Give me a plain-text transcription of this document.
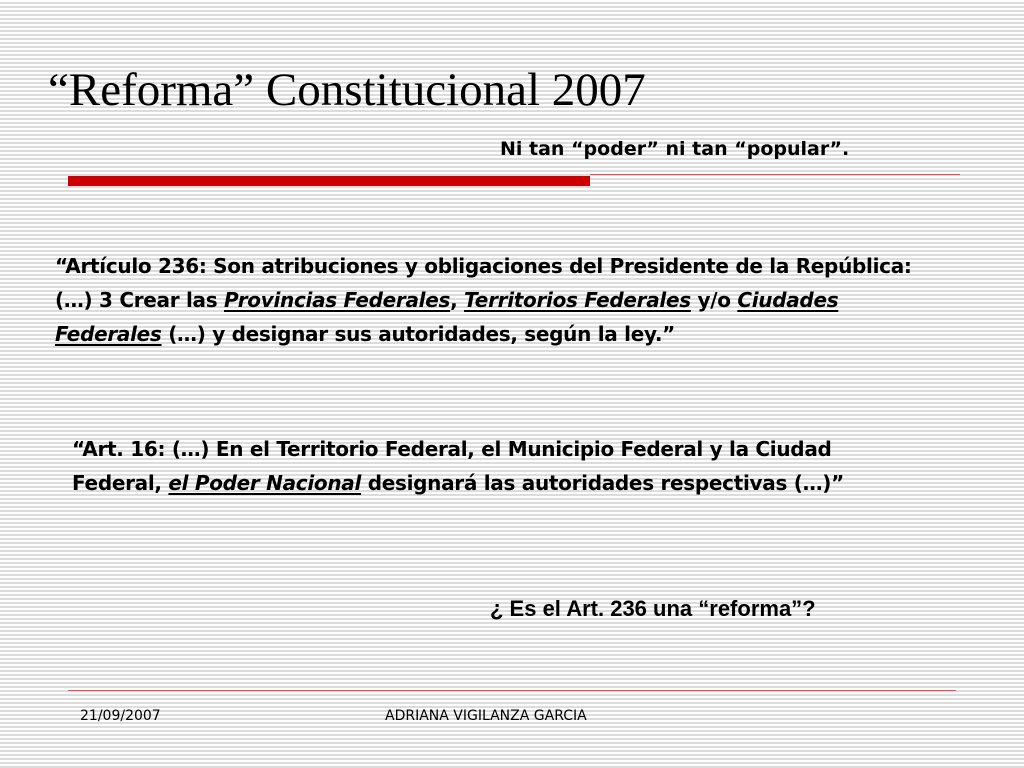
“Reforma” Constitucional 2007
Ni tan “poder” ni tan “popular”.
“Artículo 236: Son atribuciones y obligaciones del Presidente de la República:
(…) 3 Crear las Provincias Federales, Territorios Federales y/o Ciudades
Federales (…) y designar sus autoridades, según la ley.”
“Art. 16: (…) En el Territorio Federal, el Municipio Federal y la Ciudad
Federal, el Poder Nacional designará las autoridades respectivas (…)”
¿ Es el Art. 236 una “reforma”?
21/09/2007	ADRIANA VIGILANZA GARCIA
